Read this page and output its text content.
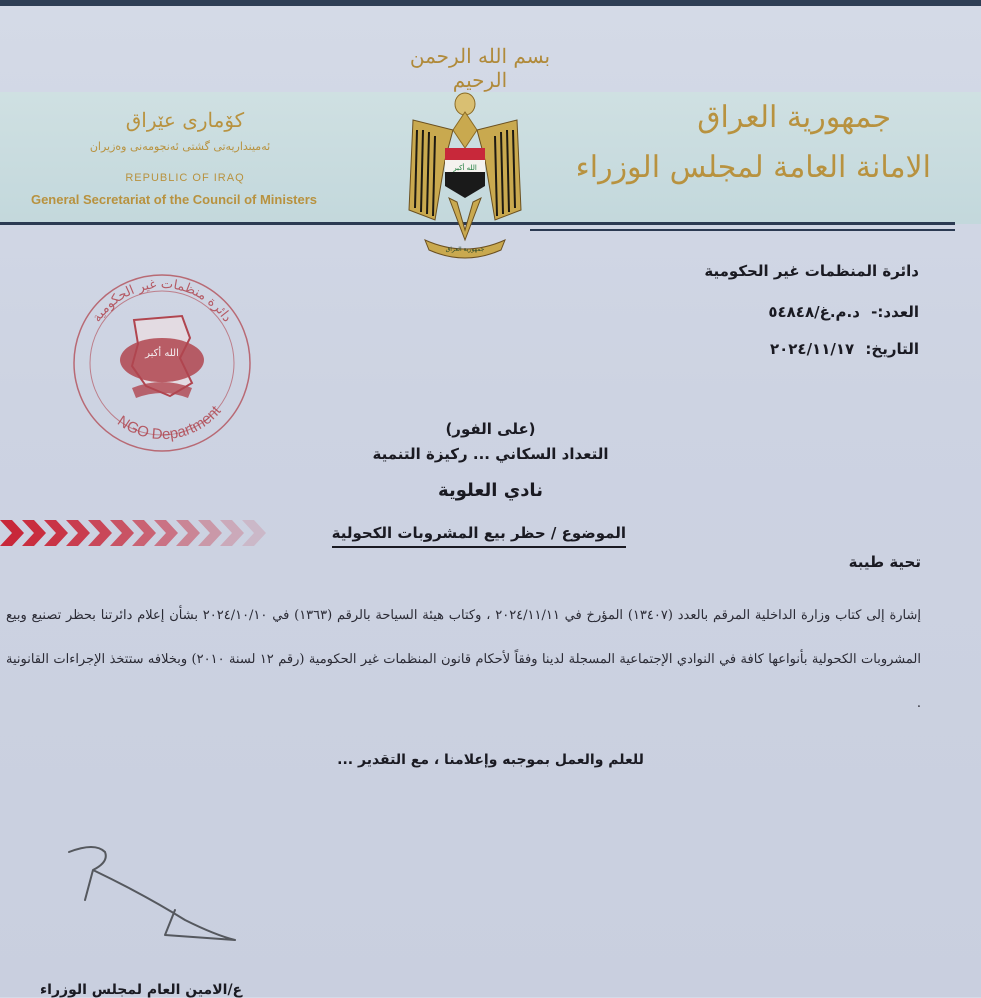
بسم الله الرحمن الرحيم
جمهورية العراق
الامانة العامة لمجلس الوزراء
کۆماری عێراق
ئەمینداریەتی گشتی ئەنجومەنی وەزیران
REPUBLIC OF IRAQ
General Secretariat of the Council of Ministers
الله أكبر
جمهورية العراق
دائرة المنظمات غير الحكومية
العدد:- د.م.غ/٥٤٨٤٨
التاريخ: ٢٠٢٤/١١/١٧
دائرة منظمات غير الحكومية
NGO Department
الله أكبر
(على الفور)
التعداد السكاني ... ركيزة التنمية
نادي العلوية
الموضوع / حظر بيع المشروبات الكحولية
تحية طيبة
إشارة إلى كتاب وزارة الداخلية المرقم بالعدد (١٣٤٠٧) المؤرخ في ٢٠٢٤/١١/١١ ، وكتاب هيئة السياحة بالرقم (١٣٦٣) في ٢٠٢٤/١٠/١٠ بشأن إعلام دائرتنا بحظر تصنيع وبيع المشروبات الكحولية بأنواعها كافة في النوادي الإجتماعية المسجلة لدينا وفقاً لأحكام قانون المنظمات غير الحكومية (رقم ١٢ لسنة ٢٠١٠) وبخلافه ستتخذ الإجراءات القانونية .
للعلم والعمل بموجبه وإعلامنا ، مع التقدير ...
ع/الامين العام لمجلس الوزراء
